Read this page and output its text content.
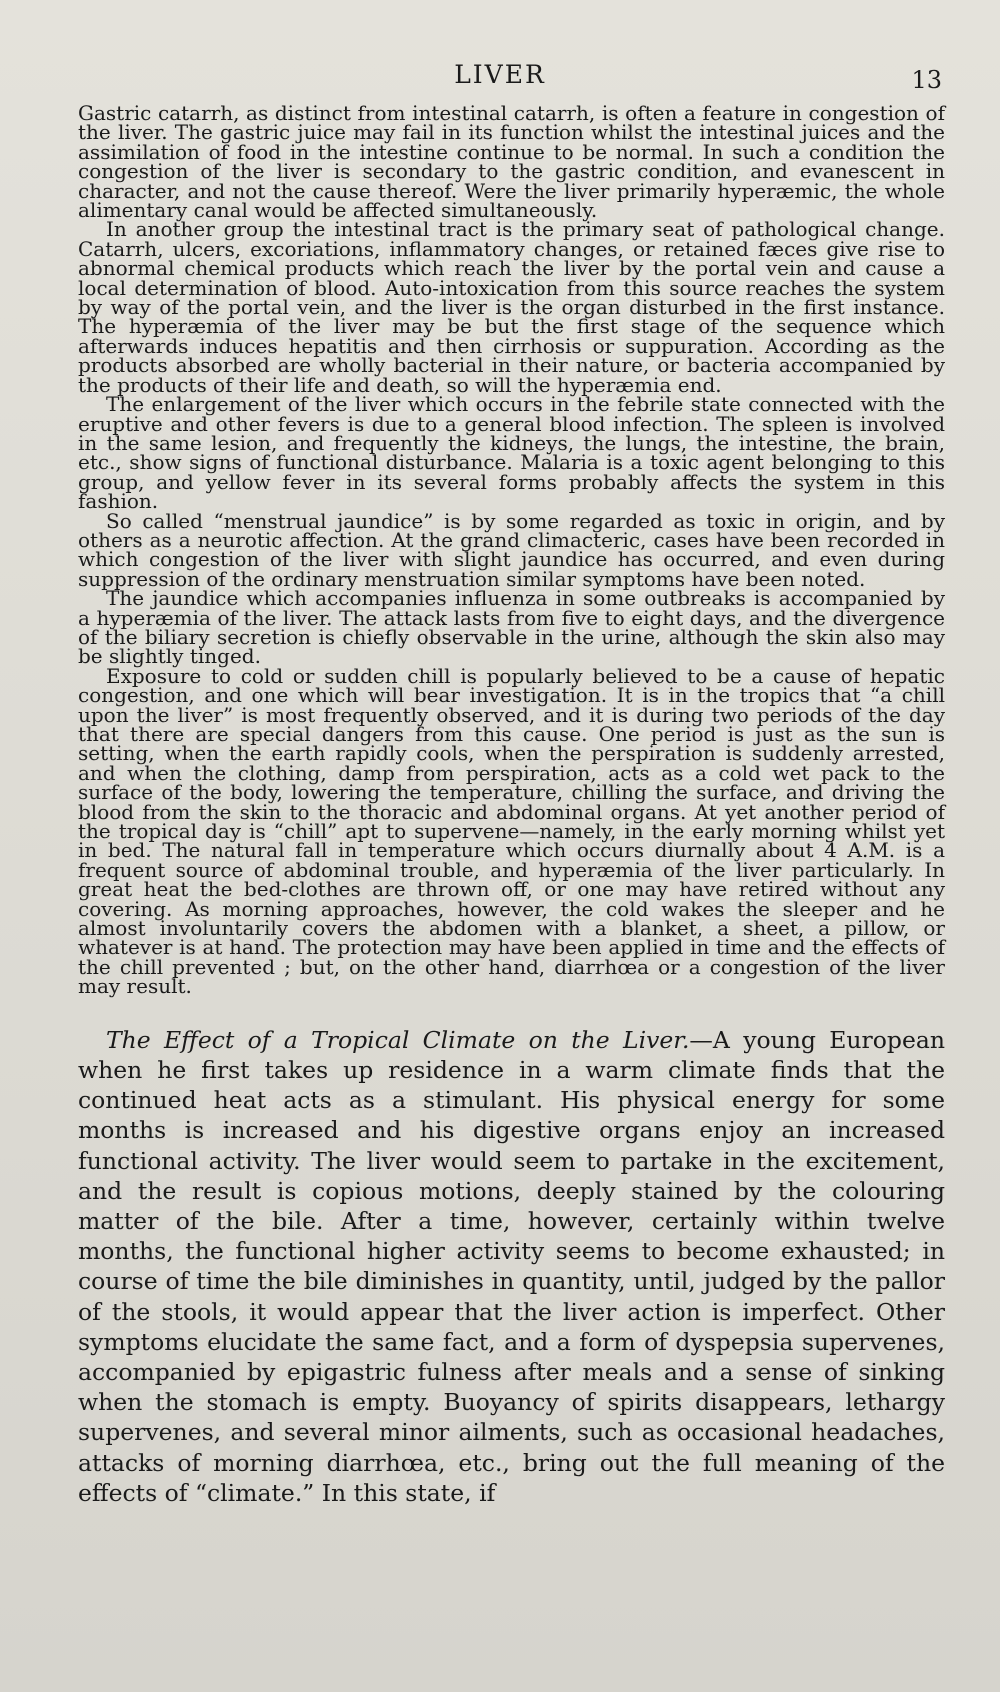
LIVER	13

Gastric catarrh, as distinct from intestinal catarrh, is often a feature in congestion of the liver. The gastric juice may fail in its function whilst the intestinal juices and the assimilation of food in the intestine continue to be normal. In such a condition the congestion of the liver is secondary to the gastric condition, and evanescent in character, and not the cause thereof. Were the liver primarily hyperæmic, the whole alimentary canal would be affected simultaneously.

In another group the intestinal tract is the primary seat of pathological change. Catarrh, ulcers, excoriations, inflammatory changes, or retained fæces give rise to abnormal chemical products which reach the liver by the portal vein and cause a local determination of blood. Auto-intoxication from this source reaches the system by way of the portal vein, and the liver is the organ disturbed in the first instance. The hyperæmia of the liver may be but the first stage of the sequence which afterwards induces hepatitis and then cirrhosis or suppuration. According as the products absorbed are wholly bacterial in their nature, or bacteria accompanied by the products of their life and death, so will the hyperæmia end.

The enlargement of the liver which occurs in the febrile state connected with the eruptive and other fevers is due to a general blood infection. The spleen is involved in the same lesion, and frequently the kidneys, the lungs, the intestine, the brain, etc., show signs of functional disturbance. Malaria is a toxic agent belonging to this group, and yellow fever in its several forms probably affects the system in this fashion.

So called “menstrual jaundice” is by some regarded as toxic in origin, and by others as a neurotic affection. At the grand climacteric, cases have been recorded in which congestion of the liver with slight jaundice has occurred, and even during suppression of the ordinary menstruation similar symptoms have been noted.

The jaundice which accompanies influenza in some outbreaks is accompanied by a hyperæmia of the liver. The attack lasts from five to eight days, and the divergence of the biliary secretion is chiefly observable in the urine, although the skin also may be slightly tinged.

Exposure to cold or sudden chill is popularly believed to be a cause of hepatic congestion, and one which will bear investigation. It is in the tropics that “a chill upon the liver” is most frequently observed, and it is during two periods of the day that there are special dangers from this cause. One period is just as the sun is setting, when the earth rapidly cools, when the perspiration is suddenly arrested, and when the clothing, damp from perspiration, acts as a cold wet pack to the surface of the body, lowering the temperature, chilling the surface, and driving the blood from the skin to the thoracic and abdominal organs. At yet another period of the tropical day is “chill” apt to supervene—namely, in the early morning whilst yet in bed. The natural fall in temperature which occurs diurnally about 4 A.M. is a frequent source of abdominal trouble, and hyperæmia of the liver particularly. In great heat the bed-clothes are thrown off, or one may have retired without any covering. As morning approaches, however, the cold wakes the sleeper and he almost involuntarily covers the abdomen with a blanket, a sheet, a pillow, or whatever is at hand. The protection may have been applied in time and the effects of the chill prevented ; but, on the other hand, diarrhœa or a congestion of the liver may result.

The Effect of a Tropical Climate on the Liver.—A young European when he first takes up residence in a warm climate finds that the continued heat acts as a stimulant. His physical energy for some months is increased and his digestive organs enjoy an increased functional activity. The liver would seem to partake in the excitement, and the result is copious motions, deeply stained by the colouring matter of the bile. After a time, however, certainly within twelve months, the functional higher activity seems to become exhausted; in course of time the bile diminishes in quantity, until, judged by the pallor of the stools, it would appear that the liver action is imperfect. Other symptoms elucidate the same fact, and a form of dyspepsia supervenes, accompanied by epigastric fulness after meals and a sense of sinking when the stomach is empty. Buoyancy of spirits disappears, lethargy supervenes, and several minor ailments, such as occasional headaches, attacks of morning diarrhœa, etc., bring out the full meaning of the effects of “climate.” In this state, if
